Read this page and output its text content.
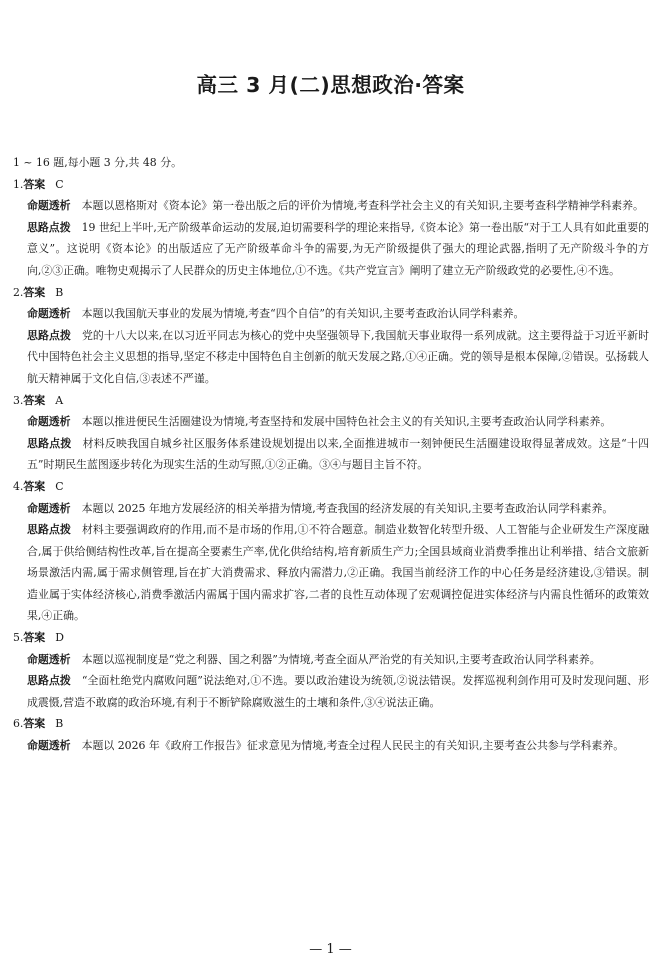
高三 3 月(二)思想政治·答案

1 ~ 16 题,每小题 3 分,共 48 分。

1.答案 C

命题透析 本题以恩格斯对《资本论》第一卷出版之后的评价为情境,考查科学社会主义的有关知识,主要考查科学精神学科素养。

思路点拨 19 世纪上半叶,无产阶级革命运动的发展,迫切需要科学的理论来指导,《资本论》第一卷出版“对于工人具有如此重要的意义”。这说明《资本论》的出版适应了无产阶级革命斗争的需要,为无产阶级提供了强大的理论武器,指明了无产阶级斗争的方向,②③正确。唯物史观揭示了人民群众的历史主体地位,①不选。《共产党宣言》阐明了建立无产阶级政党的必要性,④不选。

2.答案 B

命题透析 本题以我国航天事业的发展为情境,考查“四个自信”的有关知识,主要考查政治认同学科素养。

思路点拨 党的十八大以来,在以习近平同志为核心的党中央坚强领导下,我国航天事业取得一系列成就。这主要得益于习近平新时代中国特色社会主义思想的指导,坚定不移走中国特色自主创新的航天发展之路,①④正确。党的领导是根本保障,②错误。弘扬载人航天精神属于文化自信,③表述不严谨。

3.答案 A

命题透析 本题以推进便民生活圈建设为情境,考查坚持和发展中国特色社会主义的有关知识,主要考查政治认同学科素养。

思路点拨 材料反映我国自城乡社区服务体系建设规划提出以来,全面推进城市一刻钟便民生活圈建设取得显著成效。这是“十四五”时期民生蓝图逐步转化为现实生活的生动写照,①②正确。③④与题目主旨不符。

4.答案 C

命题透析 本题以 2025 年地方发展经济的相关举措为情境,考查我国的经济发展的有关知识,主要考查政治认同学科素养。

思路点拨 材料主要强调政府的作用,而不是市场的作用,①不符合题意。制造业数智化转型升级、人工智能与企业研发生产深度融合,属于供给侧结构性改革,旨在提高全要素生产率,优化供给结构,培育新质生产力;全国县域商业消费季推出让利举措、结合文旅新场景激活内需,属于需求侧管理,旨在扩大消费需求、释放内需潜力,②正确。我国当前经济工作的中心任务是经济建设,③错误。制造业属于实体经济核心,消费季激活内需属于国内需求扩容,二者的良性互动体现了宏观调控促进实体经济与内需良性循环的政策效果,④正确。

5.答案 D

命题透析 本题以巡视制度是“党之利器、国之利器”为情境,考查全面从严治党的有关知识,主要考查政治认同学科素养。

思路点拨 “全面杜绝党内腐败问题”说法绝对,①不选。要以政治建设为统领,②说法错误。发挥巡视利剑作用可及时发现问题、形成震慑,营造不敢腐的政治环境,有利于不断铲除腐败滋生的土壤和条件,③④说法正确。

6.答案 B

命题透析 本题以 2026 年《政府工作报告》征求意见为情境,考查全过程人民民主的有关知识,主要考查公共参与学科素养。

— 1 —
